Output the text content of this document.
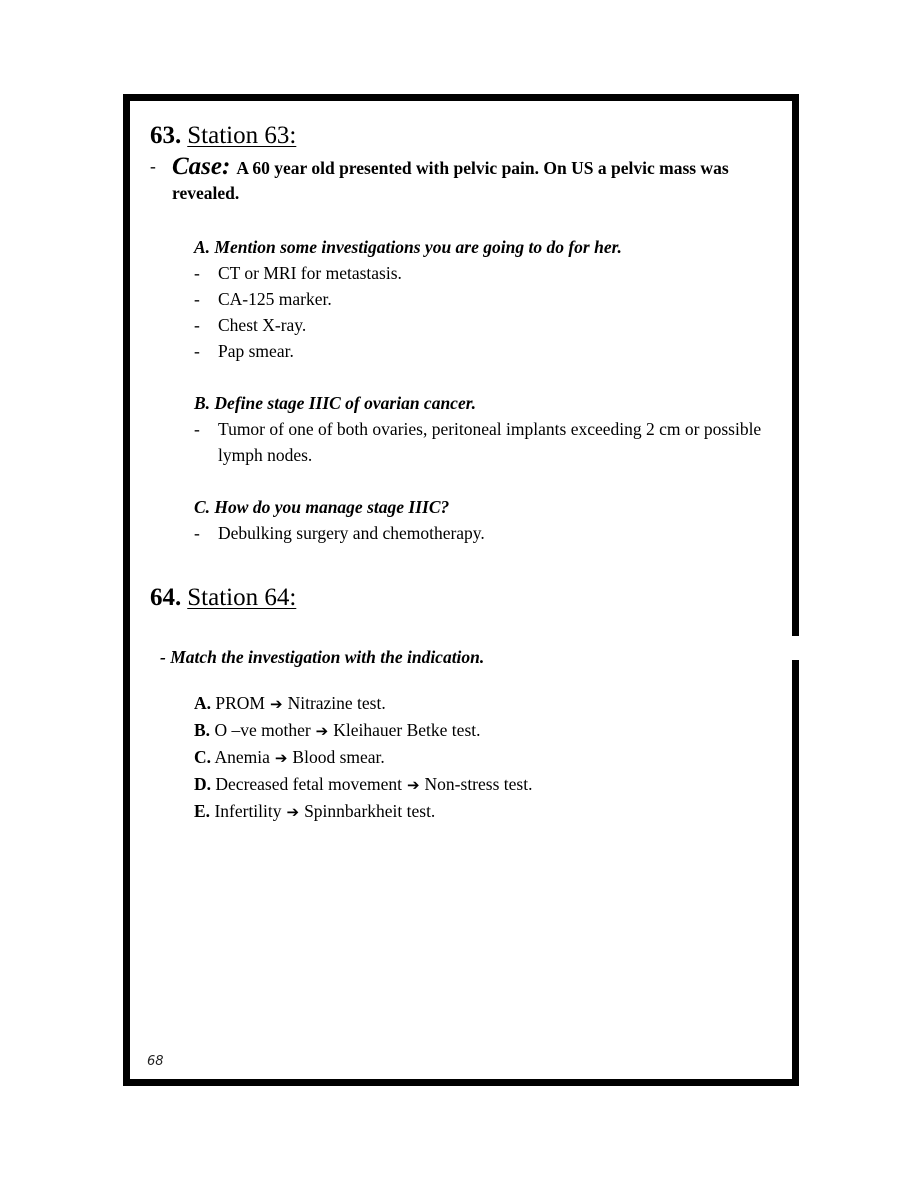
63. Station 63:
- Case: A 60 year old presented with pelvic pain. On US a pelvic mass was revealed.
A. Mention some investigations you are going to do for her.
- CT or MRI for metastasis.
- CA-125 marker.
- Chest X-ray.
- Pap smear.
B. Define stage IIIC of ovarian cancer.
- Tumor of one of both ovaries, peritoneal implants exceeding 2 cm or possible lymph nodes.
C. How do you manage stage IIIC?
- Debulking surgery and chemotherapy.
64. Station 64:
- Match the investigation with the indication.
A. PROM ➔ Nitrazine test.
B. O –ve mother ➔ Kleihauer Betke test.
C. Anemia ➔ Blood smear.
D. Decreased fetal movement ➔ Non-stress test.
E. Infertility ➔ Spinnbarkheit test.
68
